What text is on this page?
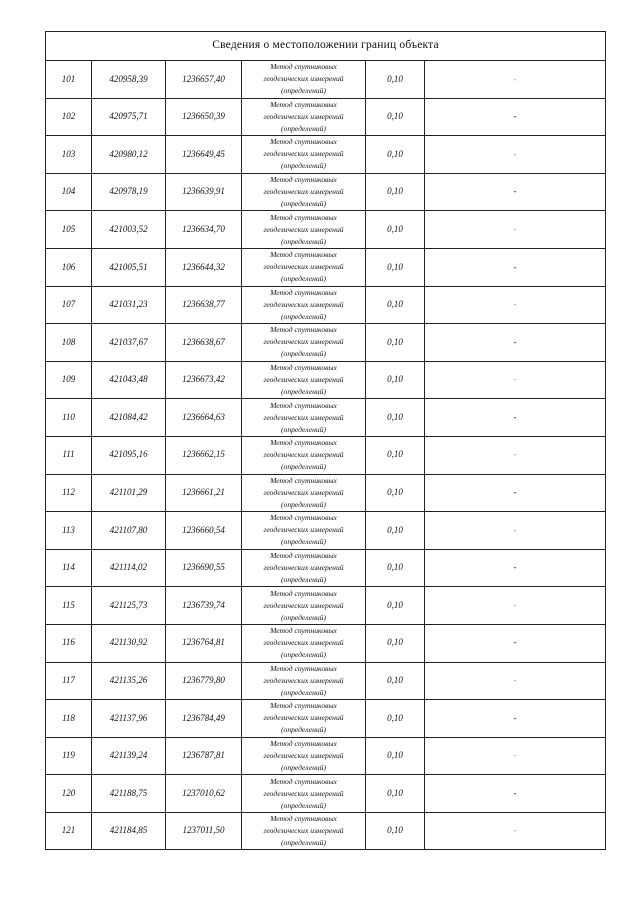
Сведения о местоположении границ объекта					
101	420958,39	1236657,40	Метод спутниковых
геодезических измерений
(определений)	0,10	-
102	420975,71	1236650,39	Метод спутниковых
геодезических измерений
(определений)	0,10	-
103	420980,12	1236649,45	Метод спутниковых
геодезических измерений
(определений)	0,10	-
104	420978,19	1236639,91	Метод спутниковых
геодезических измерений
(определений)	0,10	-
105	421003,52	1236634,70	Метод спутниковых
геодезических измерений
(определений)	0,10	-
106	421005,51	1236644,32	Метод спутниковых
геодезических измерений
(определений)	0,10	-
107	421031,23	1236638,77	Метод спутниковых
геодезических измерений
(определений)	0,10	-
108	421037,67	1236638,67	Метод спутниковых
геодезических измерений
(определений)	0,10	-
109	421043,48	1236673,42	Метод спутниковых
геодезических измерений
(определений)	0,10	-
110	421084,42	1236664,63	Метод спутниковых
геодезических измерений
(определений)	0,10	-
111	421095,16	1236662,15	Метод спутниковых
геодезических измерений
(определений)	0,10	-
112	421101,29	1236661,21	Метод спутниковых
геодезических измерений
(определений)	0,10	-
113	421107,80	1236660,54	Метод спутниковых
геодезических измерений
(определений)	0,10	-
114	421114,02	1236690,55	Метод спутниковых
геодезических измерений
(определений)	0,10	-
115	421125,73	1236739,74	Метод спутниковых
геодезических измерений
(определений)	0,10	-
116	421130,92	1236764,81	Метод спутниковых
геодезических измерений
(определений)	0,10	-
117	421135,26	1236779,80	Метод спутниковых
геодезических измерений
(определений)	0,10	-
118	421137,96	1236784,49	Метод спутниковых
геодезических измерений
(определений)	0,10	-
119	421139,24	1236787,81	Метод спутниковых
геодезических измерений
(определений)	0,10	-
120	421188,75	1237010,62	Метод спутниковых
геодезических измерений
(определений)	0,10	-
121	421184,85	1237011,50	Метод спутниковых
геодезических измерений
(определений)	0,10	-
